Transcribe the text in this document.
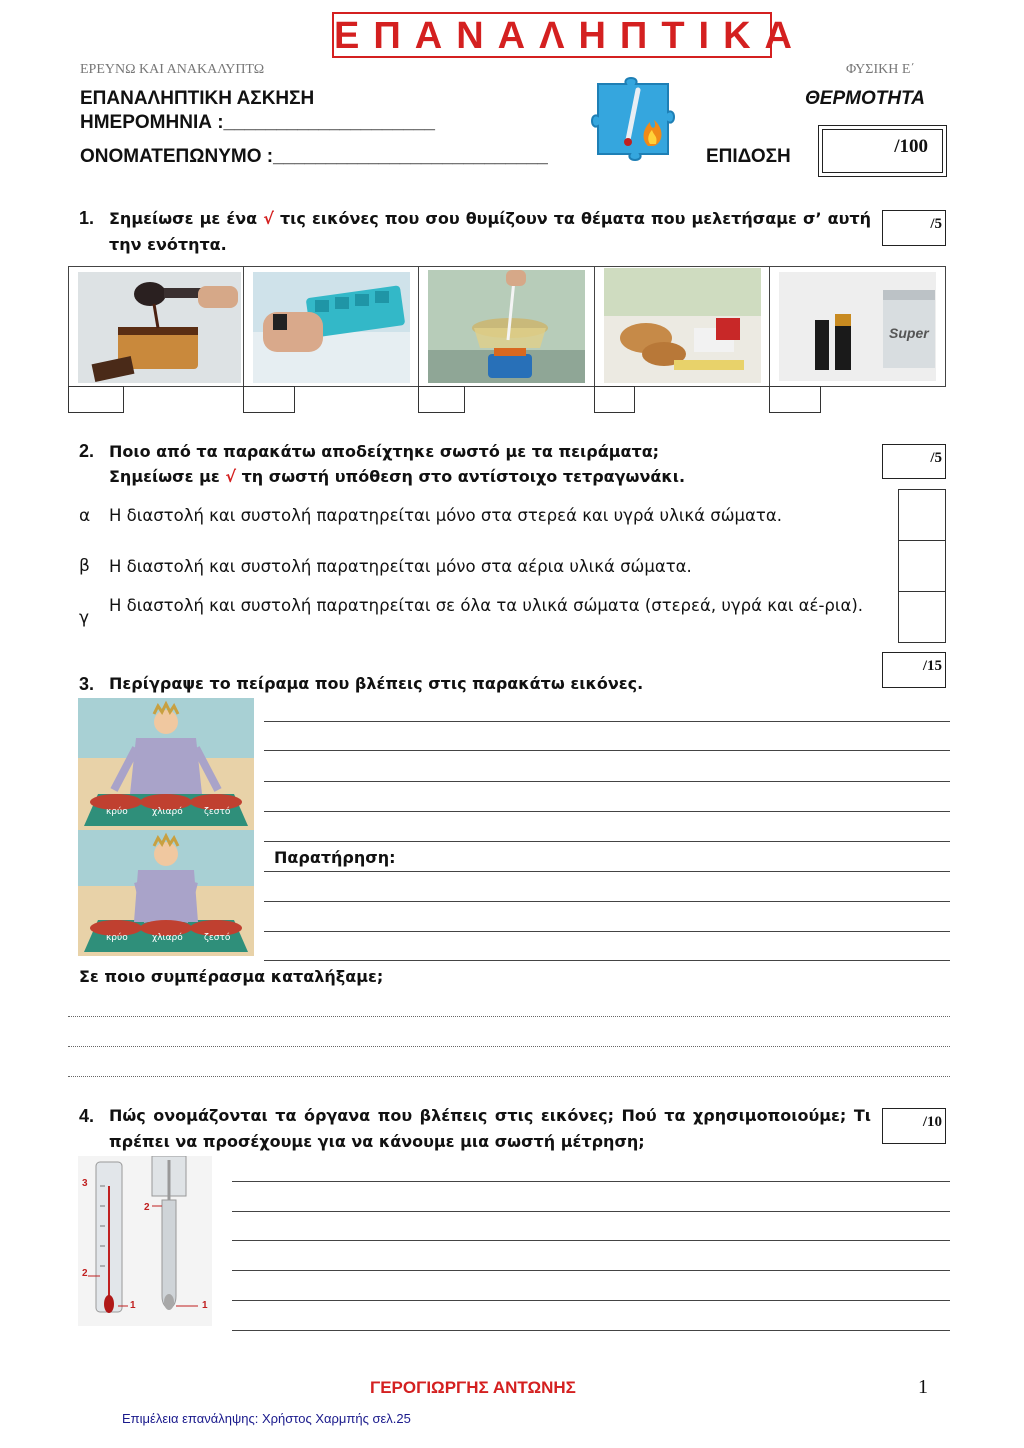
ΕΠΑΝΑΛΗΠΤΙΚΑ
ΕΡΕΥΝΩ ΚΑΙ ΑΝΑΚΑΛΥΠΤΩ	ΦΥΣΙΚΗ Ε΄
ΕΠΑΝΑΛΗΠΤΙΚΗ ΑΣΚΗΣΗ	ΘΕΡΜΟΤΗΤΑ
ΗΜΕΡΟΜΗΝΙΑ :____________________
ΟΝΟΜΑΤΕΠΩΝΥΜΟ :__________________________	ΕΠΙΔΟΣΗ	/100
1. Σημείωσε με ένα √ τις εικόνες που σου θυμίζουν τα θέματα που μελετήσαμε σ’ αυτή την ενότητα.
/5
Super
2. Ποιο από τα παρακάτω αποδείχτηκε σωστό με τα πειράματα;
Σημείωσε με √ τη σωστή υπόθεση στο αντίστοιχο τετραγωνάκι.
/5
α Η διαστολή και συστολή παρατηρείται μόνο στα στερεά και υγρά υλικά σώματα.
β Η διαστολή και συστολή παρατηρείται μόνο στα αέρια υλικά σώματα.
γ
Η διαστολή και συστολή παρατηρείται σε όλα τα υλικά σώματα (στερεά, υγρά και αέ-ρια).
/15
3. Περίγραψε το πείραμα που βλέπεις στις παρακάτω εικόνες.
κρύο	χλιαρό ζεστό
κρύο	χλιαρό ζεστό
Παρατήρηση:
Σε ποιο συμπέρασμα καταλήξαμε;
4. Πώς ονομάζονται τα όργανα που βλέπεις στις εικόνες; Πού τα χρησιμοποιούμε; Τι πρέπει να προσέχουμε για να κάνουμε μια σωστή μέτρηση;
/10
3
2
1
2
1
ΓΕΡΟΓΙΩΡΓΗΣ ΑΝΤΩΝΗΣ	1
Επιμέλεια επανάληψης: Χρήστος Χαρμπής σελ.25
